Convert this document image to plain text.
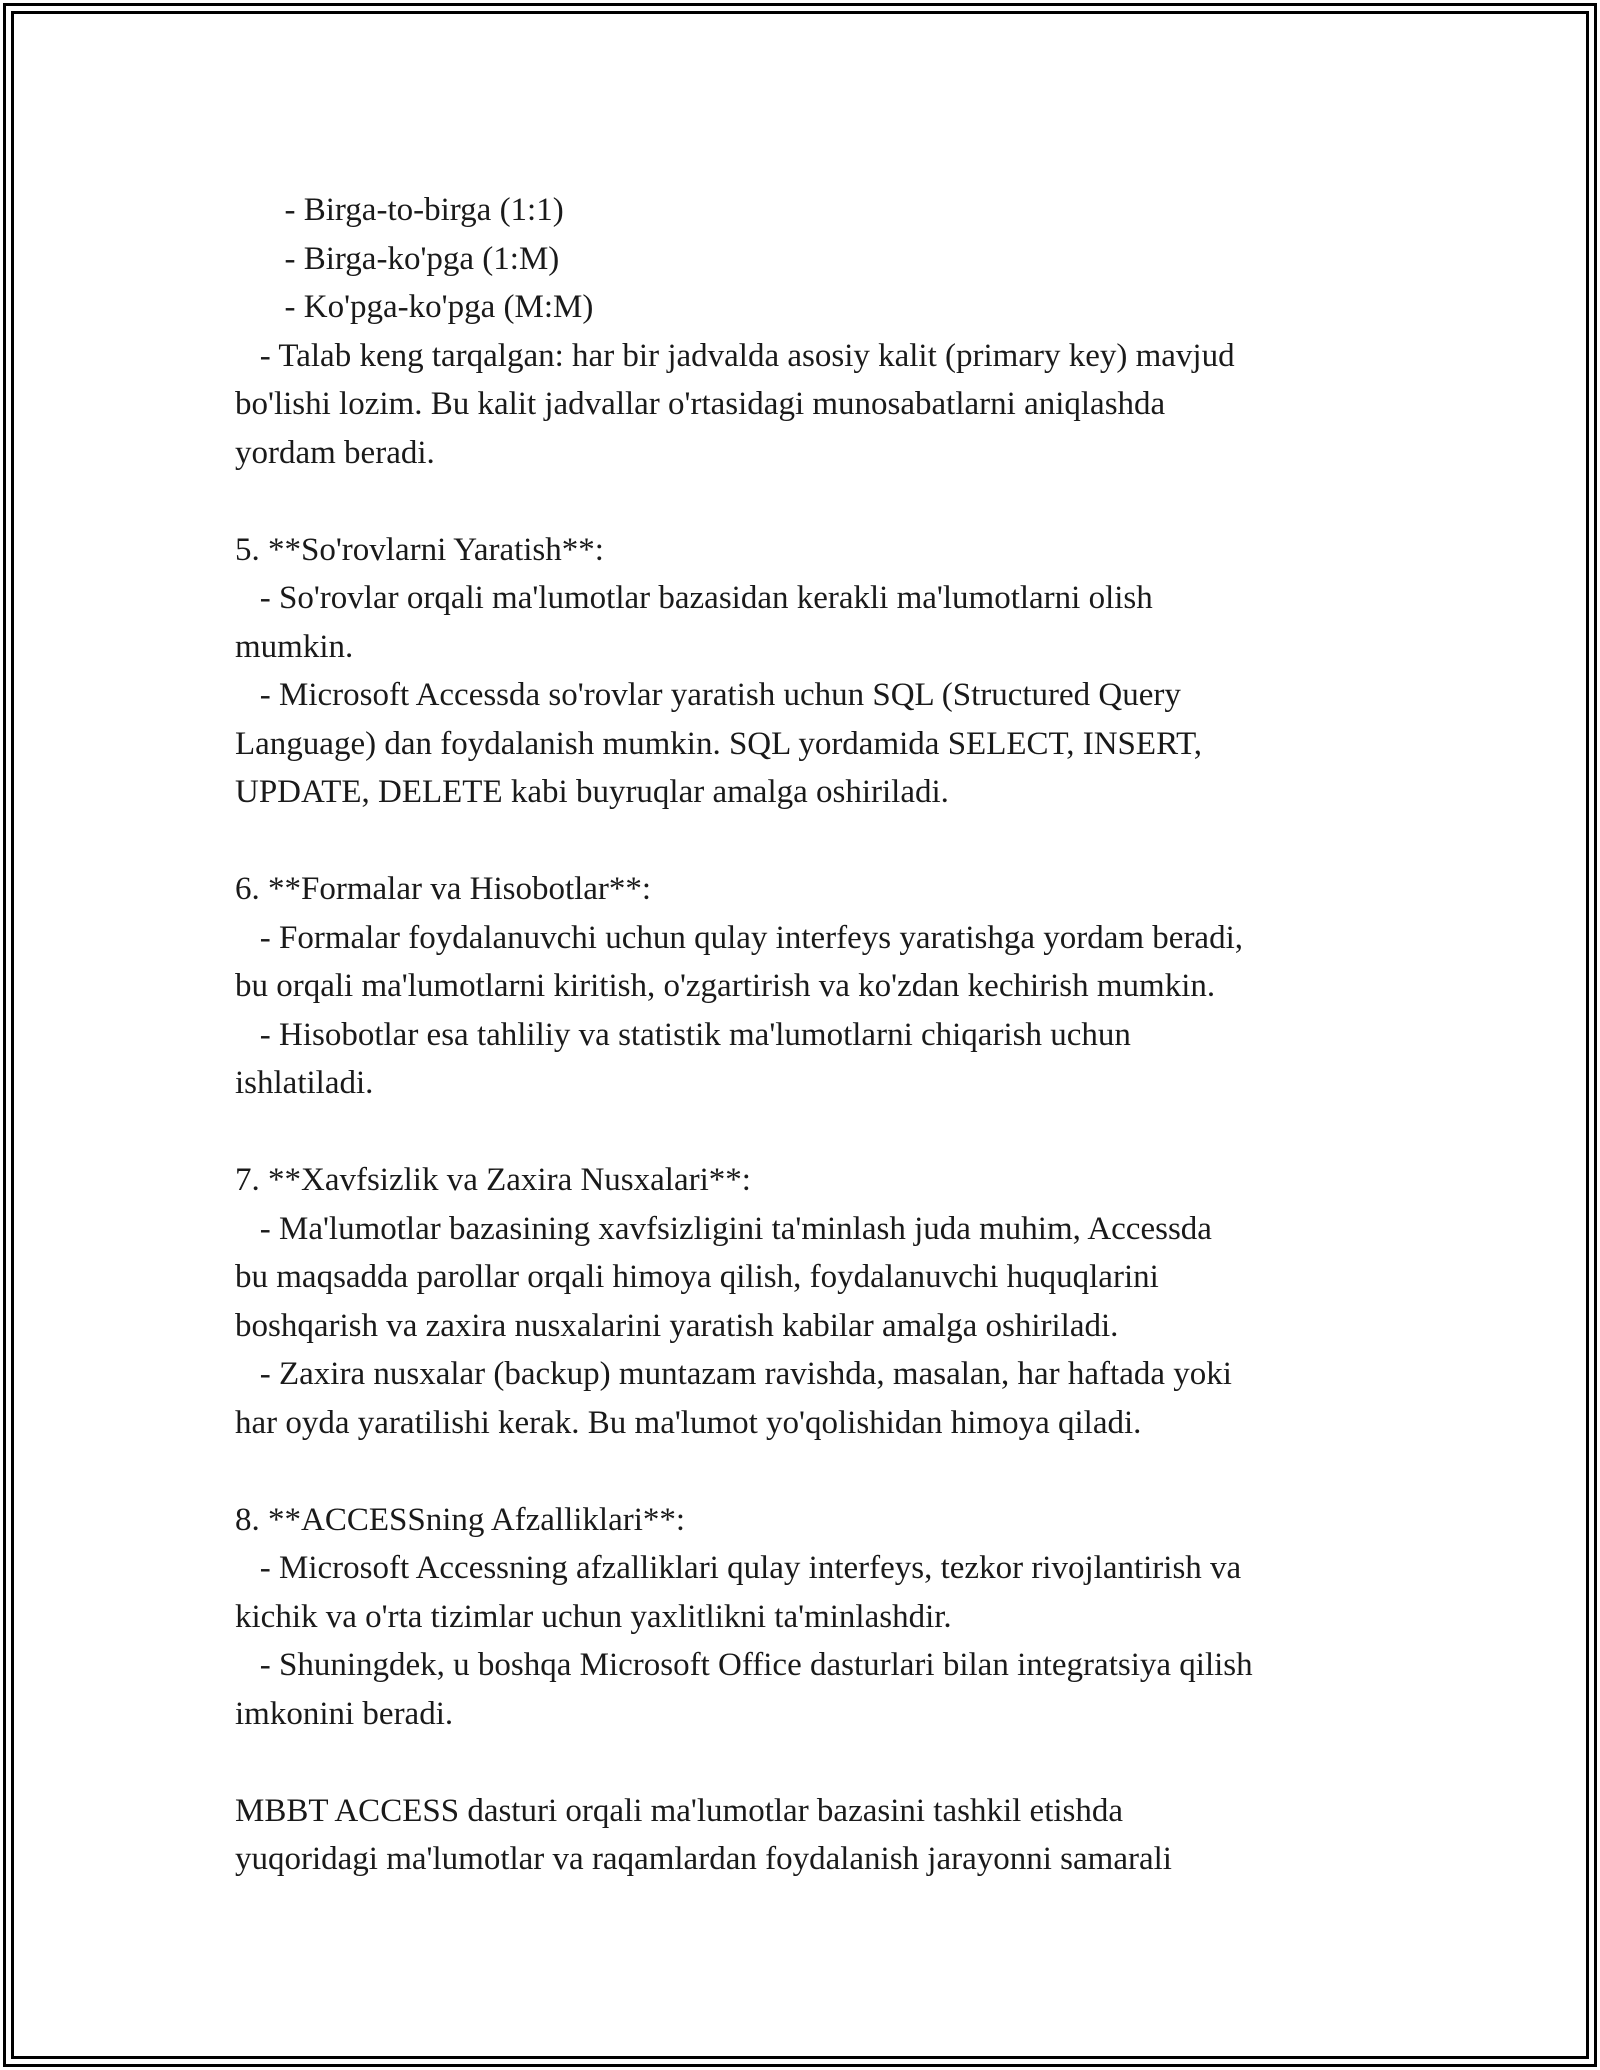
- Birga-to-birga (1:1)
- Birga-ko'pga (1:M)
- Ko'pga-ko'pga (M:M)
- Talab keng tarqalgan: har bir jadvalda asosiy kalit (primary key) mavjud
bo'lishi lozim. Bu kalit jadvallar o'rtasidagi munosabatlarni aniqlashda
yordam beradi.
5. **So'rovlarni Yaratish**:
- So'rovlar orqali ma'lumotlar bazasidan kerakli ma'lumotlarni olish
mumkin.
- Microsoft Accessda so'rovlar yaratish uchun SQL (Structured Query
Language) dan foydalanish mumkin. SQL yordamida SELECT, INSERT,
UPDATE, DELETE kabi buyruqlar amalga oshiriladi.
6. **Formalar va Hisobotlar**:
- Formalar foydalanuvchi uchun qulay interfeys yaratishga yordam beradi,
bu orqali ma'lumotlarni kiritish, o'zgartirish va ko'zdan kechirish mumkin.
- Hisobotlar esa tahliliy va statistik ma'lumotlarni chiqarish uchun
ishlatiladi.
7. **Xavfsizlik va Zaxira Nusxalari**:
- Ma'lumotlar bazasining xavfsizligini ta'minlash juda muhim, Accessda
bu maqsadda parollar orqali himoya qilish, foydalanuvchi huquqlarini
boshqarish va zaxira nusxalarini yaratish kabilar amalga oshiriladi.
- Zaxira nusxalar (backup) muntazam ravishda, masalan, har haftada yoki
har oyda yaratilishi kerak. Bu ma'lumot yo'qolishidan himoya qiladi.
8. **ACCESSning Afzalliklari**:
- Microsoft Accessning afzalliklari qulay interfeys, tezkor rivojlantirish va
kichik va o'rta tizimlar uchun yaxlitlikni ta'minlashdir.
- Shuningdek, u boshqa Microsoft Office dasturlari bilan integratsiya qilish
imkonini beradi.
MBBT ACCESS dasturi orqali ma'lumotlar bazasini tashkil etishda
yuqoridagi ma'lumotlar va raqamlardan foydalanish jarayonni samarali
